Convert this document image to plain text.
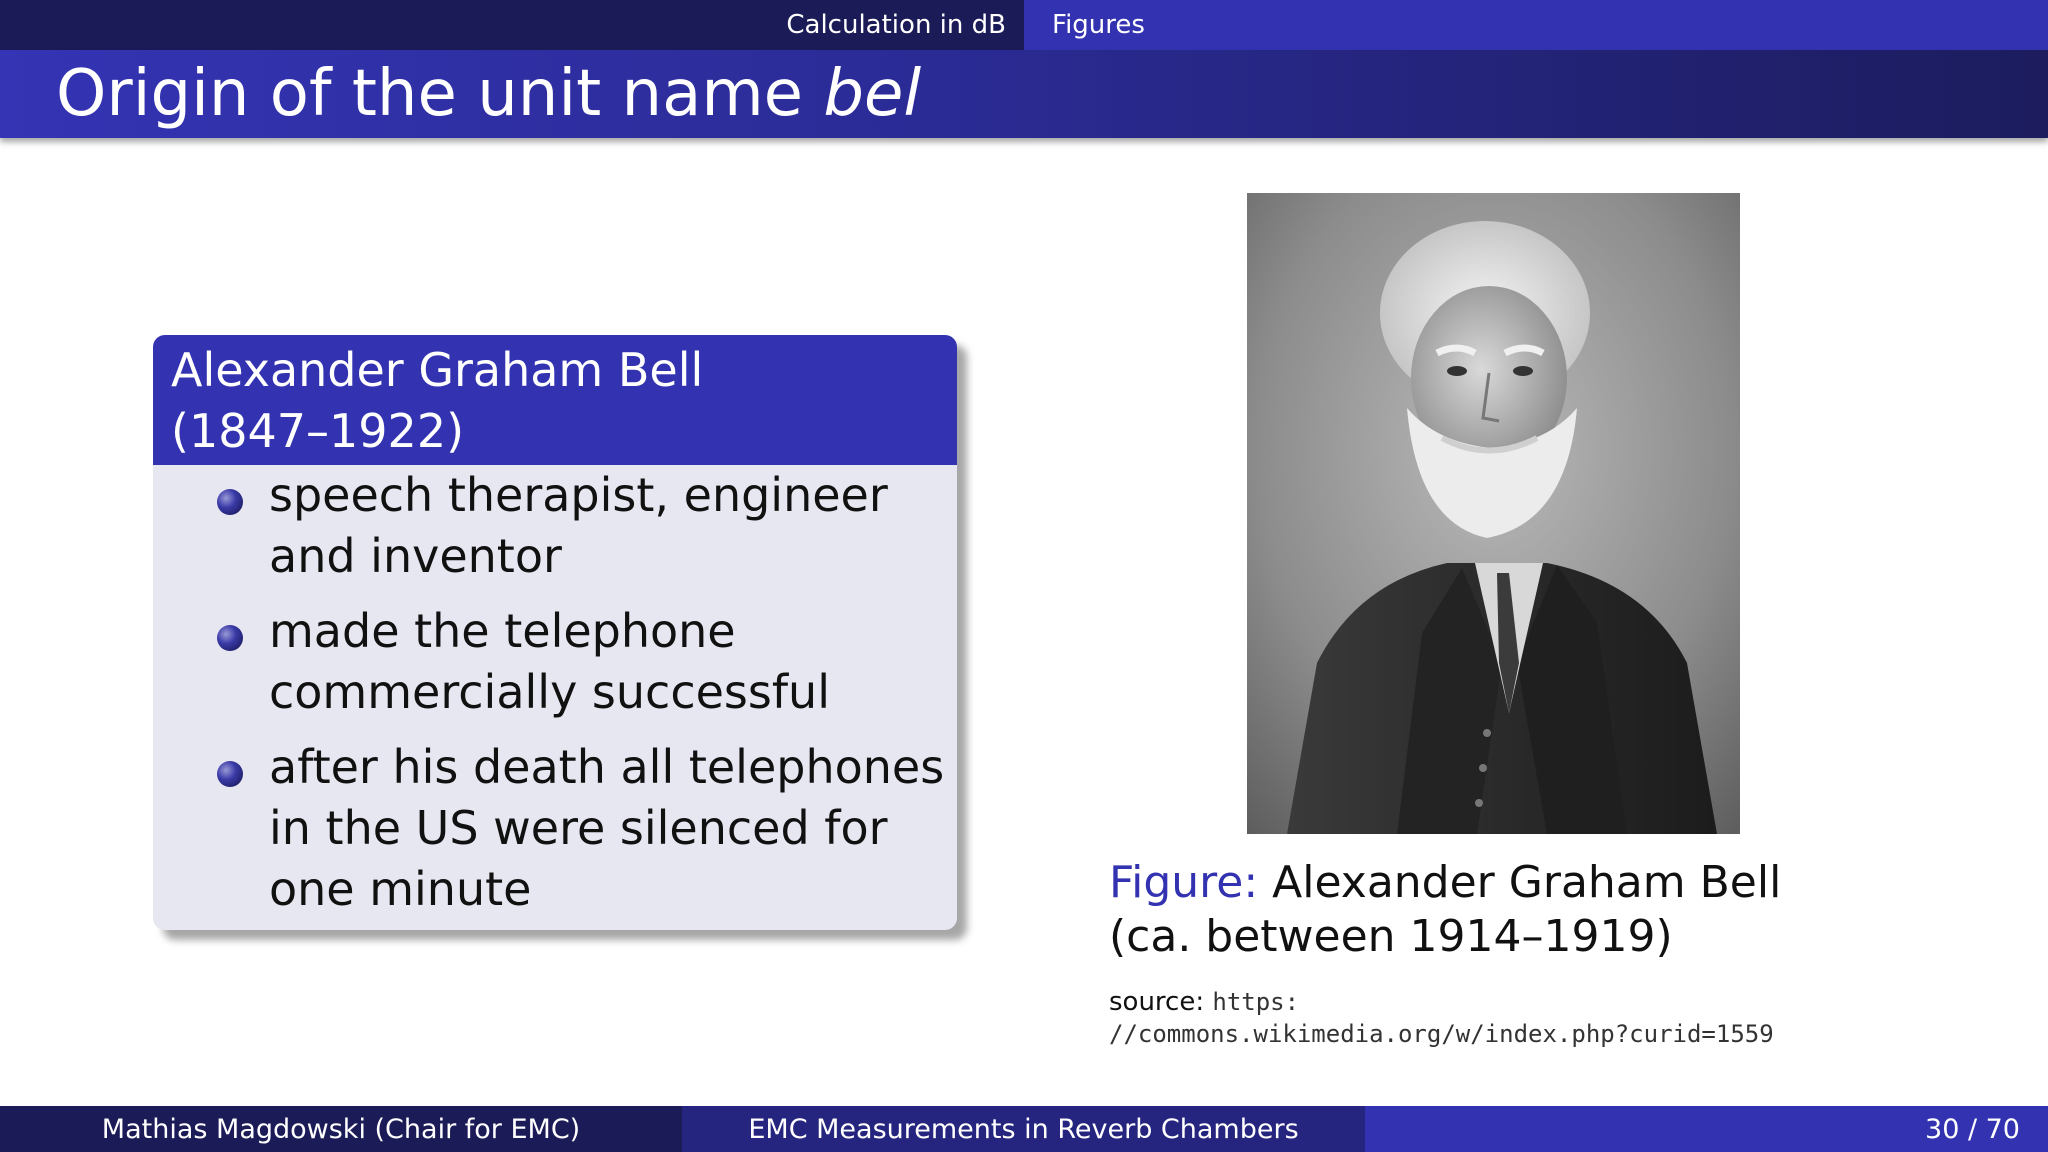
Calculation in dB Figures
Origin of the unit name bel
Alexander Graham Bell
(1847–1922)
speech therapist, engineer
and inventor
made the telephone
commercially successful
after his death all telephones
in the US were silenced for
one minute	Figure: Alexander Graham Bell
(ca. between 1914–1919)
source: https:
//commons.wikimedia.org/w/index.php?curid=1559
Mathias Magdowski (Chair for EMC)	EMC Measurements in Reverb Chambers	30 / 70
